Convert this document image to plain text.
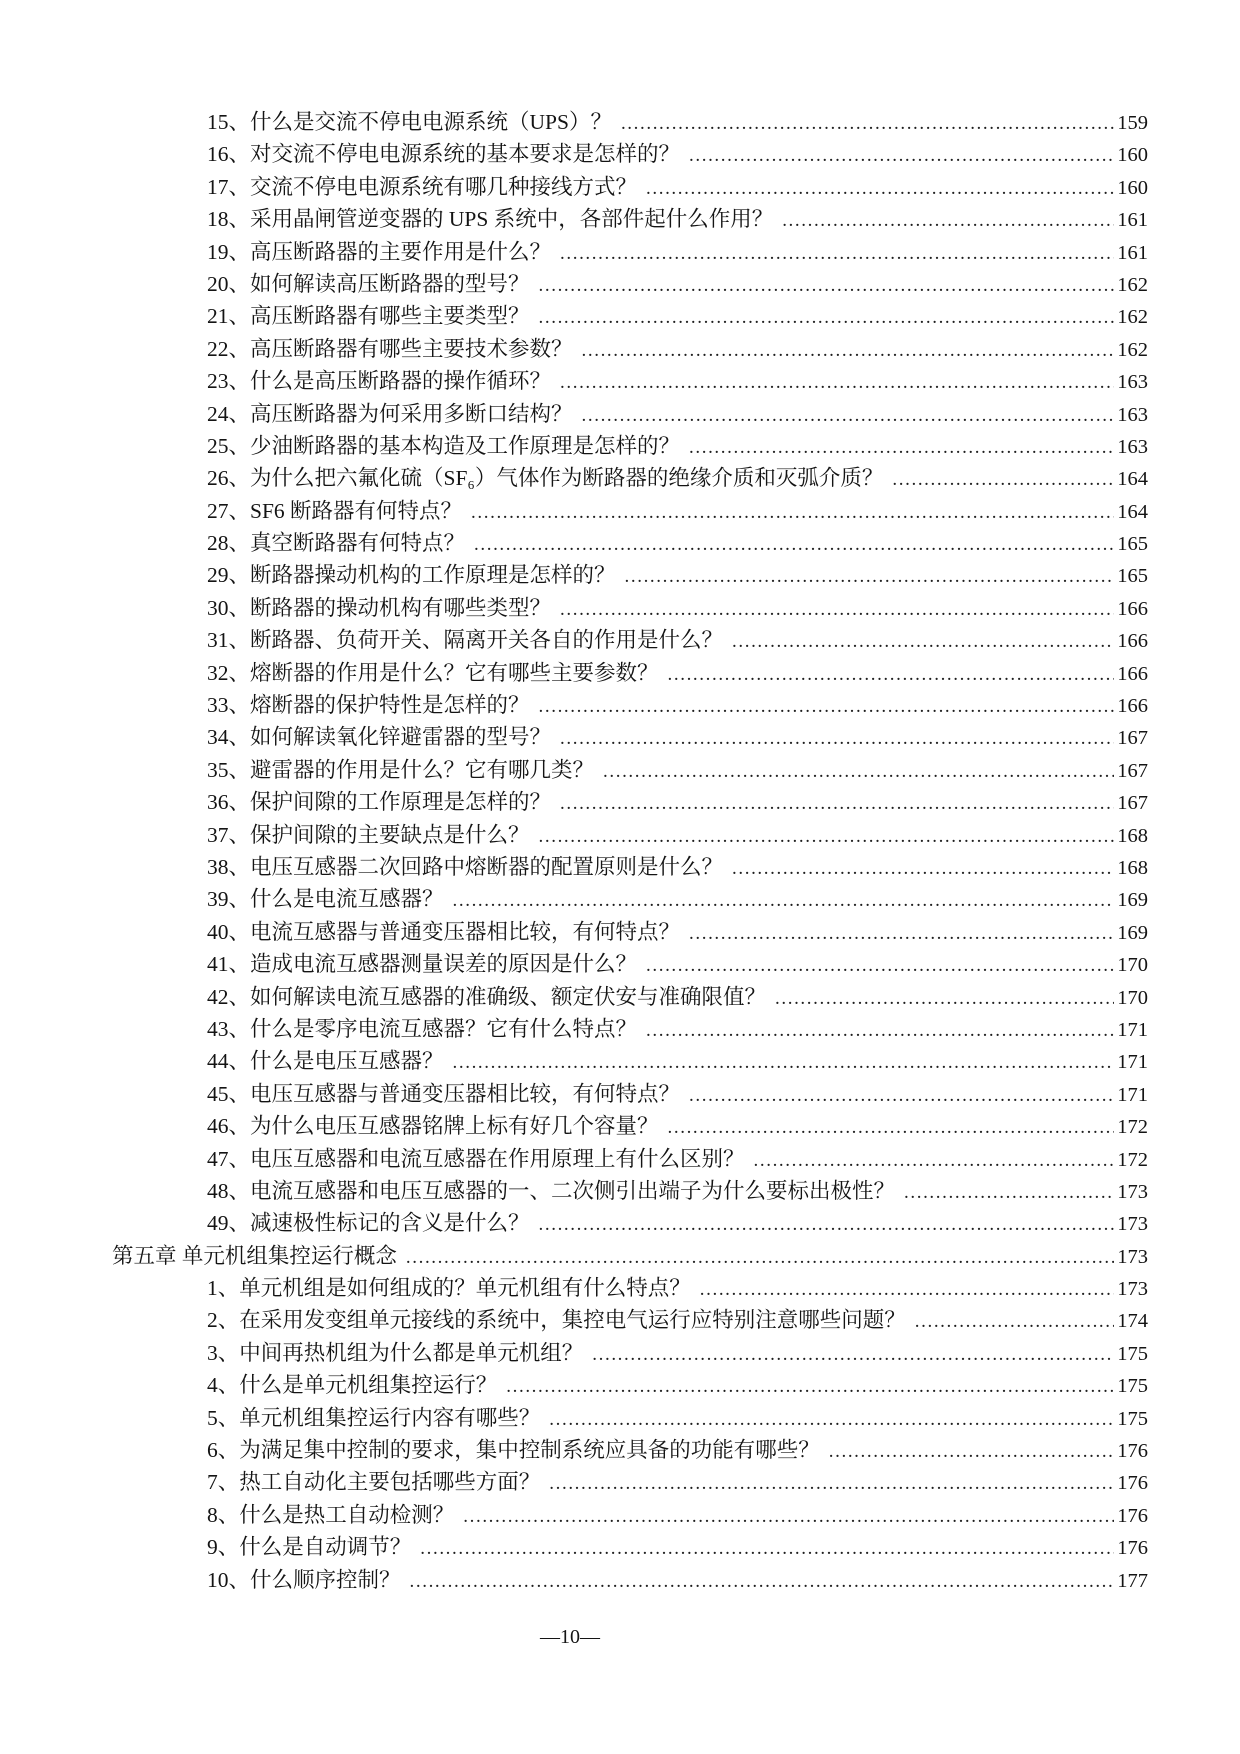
15、什么是交流不停电电源系统（UPS）？ .....	159
16、对交流不停电电源系统的基本要求是怎样的？ .....	160
17、交流不停电电源系统有哪几种接线方式？ .....	160
18、采用晶闸管逆变器的 UPS 系统中，各部件起什么作用？ .....	161
19、高压断路器的主要作用是什么？ .....	161
20、如何解读高压断路器的型号？ .....	162
21、高压断路器有哪些主要类型？ .....	162
22、高压断路器有哪些主要技术参数？ .....	162
23、什么是高压断路器的操作循环？ .....	163
24、高压断路器为何采用多断口结构？ .....	163
25、少油断路器的基本构造及工作原理是怎样的？ .....	163
26、为什么把六氟化硫（SF₆）气体作为断路器的绝缘介质和灭弧介质？ .....	164
27、SF6 断路器有何特点？ .....	164
28、真空断路器有何特点？ .....	165
29、断路器操动机构的工作原理是怎样的？ .....	165
30、断路器的操动机构有哪些类型？ .....	166
31、断路器、负荷开关、隔离开关各自的作用是什么？ .....	166
32、熔断器的作用是什么？它有哪些主要参数？ .....	166
33、熔断器的保护特性是怎样的？ .....	166
34、如何解读氧化锌避雷器的型号？ .....	167
35、避雷器的作用是什么？它有哪几类？ .....	167
36、保护间隙的工作原理是怎样的？ .....	167
37、保护间隙的主要缺点是什么？ .....	168
38、电压互感器二次回路中熔断器的配置原则是什么？ .....	168
39、什么是电流互感器？ .....	169
40、电流互感器与普通变压器相比较，有何特点？ .....	169
41、造成电流互感器测量误差的原因是什么？ .....	170
42、如何解读电流互感器的准确级、额定伏安与准确限值？ .....	170
43、什么是零序电流互感器？它有什么特点？ .....	171
44、什么是电压互感器？ .....	171
45、电压互感器与普通变压器相比较，有何特点？ .....	171
46、为什么电压互感器铭牌上标有好几个容量？ .....	172
47、电压互感器和电流互感器在作用原理上有什么区别？ .....	172
48、电流互感器和电压互感器的一、二次侧引出端子为什么要标出极性？ .....	173
49、减速极性标记的含义是什么？ .....	173
第五章 单元机组集控运行概念 .....	173
1、单元机组是如何组成的？单元机组有什么特点？ .....	173
2、在采用发变组单元接线的系统中，集控电气运行应特别注意哪些问题？ .....	174
3、中间再热机组为什么都是单元机组？ .....	175
4、什么是单元机组集控运行？ .....	175
5、单元机组集控运行内容有哪些？ .....	175
6、为满足集中控制的要求，集中控制系统应具备的功能有哪些？ .....	176
7、热工自动化主要包括哪些方面？ .....	176
8、什么是热工自动检测？ .....	176
9、什么是自动调节？ .....	176
10、什么顺序控制？ .....	177
—10—
